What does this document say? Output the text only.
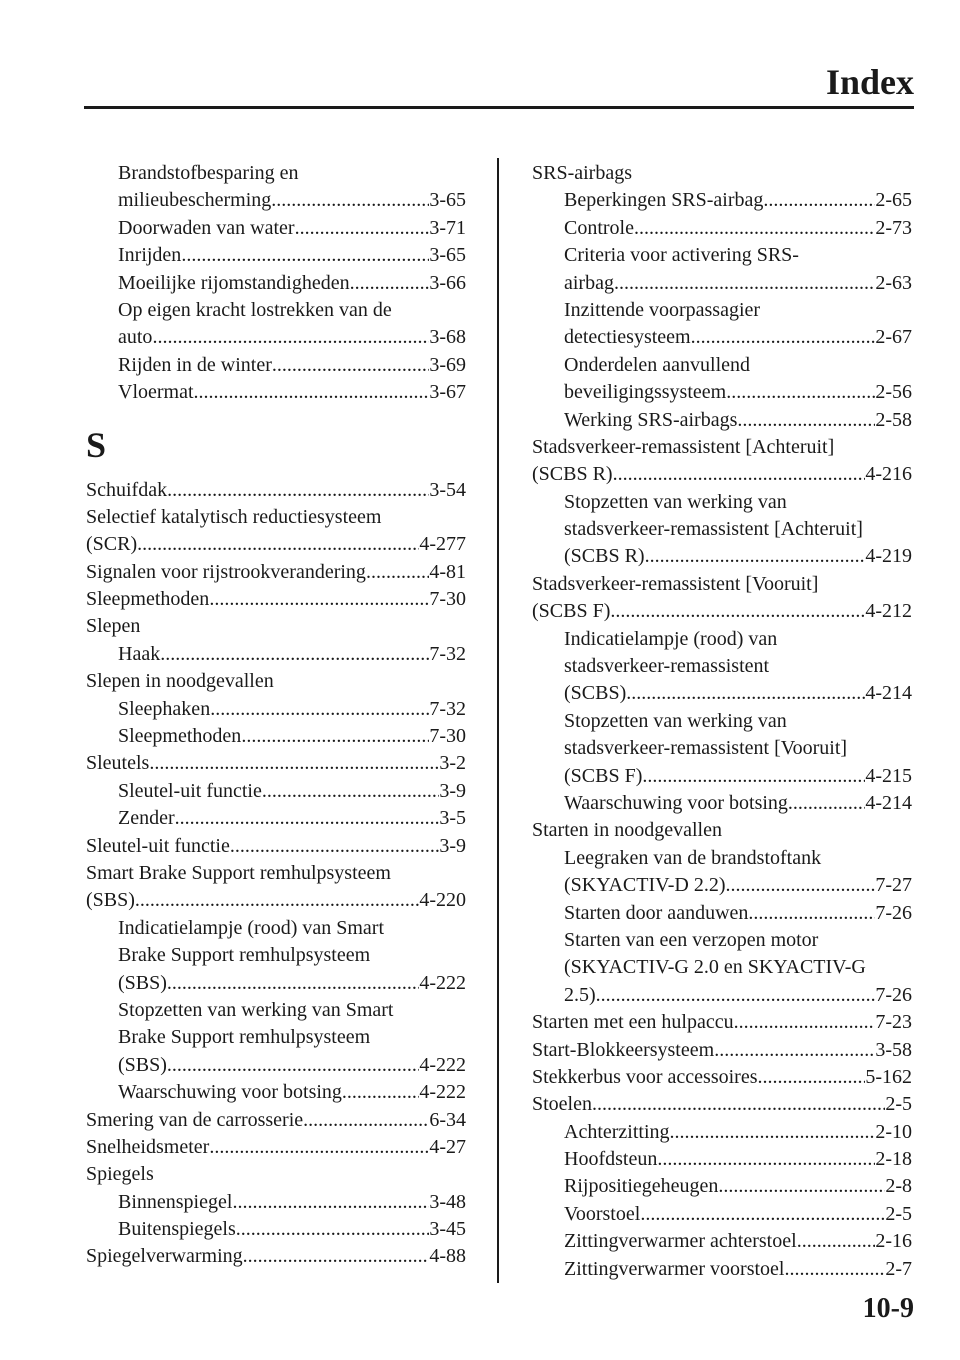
Index
Brandstofbesparing en
milieubescherming .....	3-65
Doorwaden van water .....	3-71
Inrijden .....	3-65
Moeilijke rijomstandigheden .....	3-66
Op eigen kracht lostrekken van de
auto .....	3-68
Rijden in de winter .....	3-69
Vloermat .....	3-67
S
Schuifdak .....	3-54
Selectief katalytisch reductiesysteem
(SCR) .....	4-277
Signalen voor rijstrookverandering .....	4-81
Sleepmethoden .....	7-30
Slepen
Haak .....	7-32
Slepen in noodgevallen
Sleephaken .....	7-32
Sleepmethoden .....	7-30
Sleutels .....	3-2
Sleutel-uit functie .....	3-9
Zender .....	3-5
Sleutel-uit functie .....	3-9
Smart Brake Support remhulpsysteem
(SBS) .....	4-220
Indicatielampje (rood) van Smart
Brake Support remhulpsysteem
(SBS) .....	4-222
Stopzetten van werking van Smart
Brake Support remhulpsysteem
(SBS) .....	4-222
Waarschuwing voor botsing .....	4-222
Smering van de carrosserie .....	6-34
Snelheidsmeter .....	4-27
Spiegels
Binnenspiegel .....	3-48
Buitenspiegels .....	3-45
Spiegelverwarming .....	4-88
SRS-airbags
Beperkingen SRS-airbag .....	2-65
Controle .....	2-73
Criteria voor activering SRS-
airbag .....	2-63
Inzittende voorpassagier
detectiesysteem .....	2-67
Onderdelen aanvullend
beveiligingssysteem .....	2-56
Werking SRS-airbags .....	2-58
Stadsverkeer-remassistent [Achteruit]
(SCBS R) .....	4-216
Stopzetten van werking van
stadsverkeer-remassistent [Achteruit]
(SCBS R) .....	4-219
Stadsverkeer-remassistent [Vooruit]
(SCBS F) .....	4-212
Indicatielampje (rood) van
stadsverkeer-remassistent
(SCBS) .....	4-214
Stopzetten van werking van
stadsverkeer-remassistent [Vooruit]
(SCBS F) .....	4-215
Waarschuwing voor botsing .....	4-214
Starten in noodgevallen
Leegraken van de brandstoftank
(SKYACTIV-D 2.2) .....	7-27
Starten door aanduwen .....	7-26
Starten van een verzopen motor
(SKYACTIV-G 2.0 en SKYACTIV-G
2.5) .....	7-26
Starten met een hulpaccu .....	7-23
Start-Blokkeersysteem .....	3-58
Stekkerbus voor accessoires .....	5-162
Stoelen .....	2-5
Achterzitting .....	2-10
Hoofdsteun .....	2-18
Rijpositiegeheugen .....	2-8
Voorstoel .....	2-5
Zittingverwarmer achterstoel .....	2-16
Zittingverwarmer voorstoel .....	2-7
10-9
